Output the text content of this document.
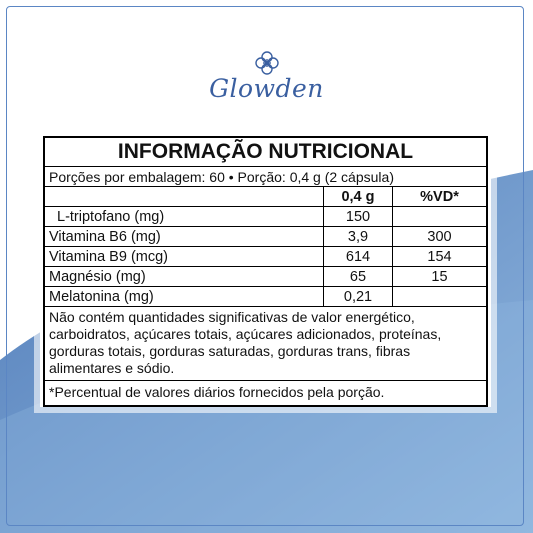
Glowden
INFORMAÇÃO NUTRICIONAL		
Porções por embalagem: 60 • Porção: 0,4 g (2 cápsula)		
	0,4 g	%VD*
L-triptofano (mg)	150	
Vitamina B6 (mg)	3,9	300
Vitamina B9 (mcg)	614	154
Magnésio (mg)	65	15
Melatonina (mg)	0,21	
Não contém quantidades significativas de valor energético, carboidratos, açúcares totais, açúcares adicionados, proteínas, gorduras totais, gorduras saturadas, gorduras trans, fibras alimentares e sódio.		
*Percentual de valores diários fornecidos pela porção.		
